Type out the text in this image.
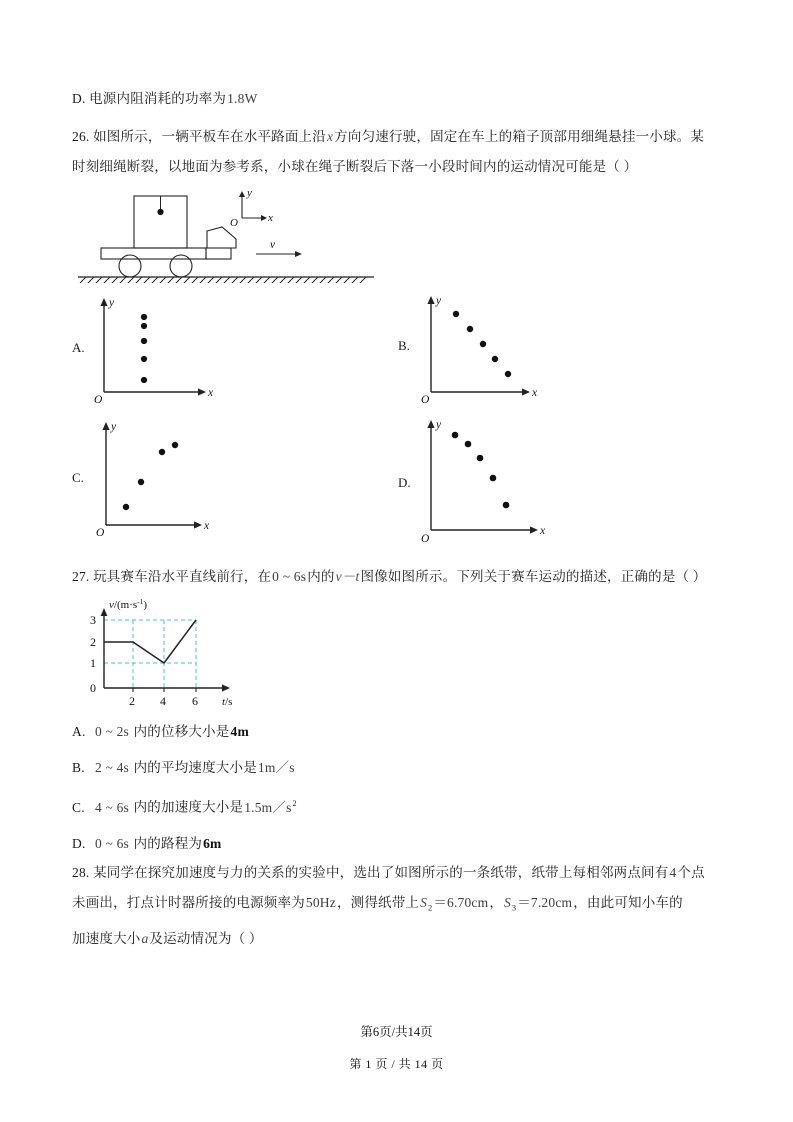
D. 电源内阻消耗的功率为1.8W
26. 如图所示，一辆平板车在水平路面上沿x方向匀速行驶，固定在车上的箱子顶部用细绳悬挂一小球。某
时刻细绳断裂，以地面为参考系，小球在绳子断裂后下落一小段时间内的运动情况可能是（ ）
y
x
O
v
A.
y
x
O
B.
y
x
O
C.
y
x
O
D.
y
x
O
27. 玩具赛车沿水平直线前行，在0 ~ 6s内的v－t图像如图所示。下列关于赛车运动的描述，正确的是（ ）
3
2
1
0
2 4 6
$v/(m\cdot s^{-1})$
t/s
A. 0 ~ 2s 内的位移大小是4m
B. 2 ~ 4s 内的平均速度大小是1m／s
C. 4 ~ 6s 内的加速度大小是$1.5m/s^2$
D. 0 ~ 6s 内的路程为6m
28. 某同学在探究加速度与力的关系的实验中，选出了如图所示的一条纸带，纸带上每相邻两点间有4个点
未画出，打点计时器所接的电源频率为50Hz，测得纸带上$S_2=6.70cm$，$S_3=7.20cm$，由此可知小车的
加速度大小a及运动情况为（ ）
第6页/共14页
第 1 页 / 共 14 页
